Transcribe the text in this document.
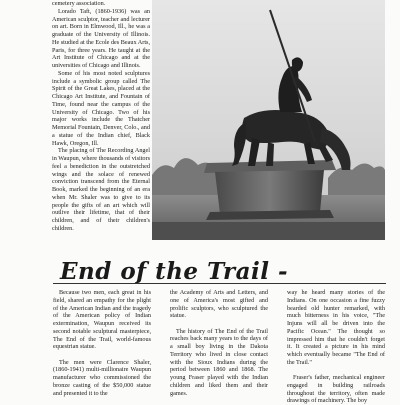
cemetery association.

Lorado Taft, (1860-1936) was an American sculptor, teacher and lecturer on art. Born in Elmwood, Ill., he was a graduate of the University of Illinois. He studied at the Ecole des Beaux Arts, Paris, for three years. He taught at the Art Institute of Chicago and at the universities of Chicago and Illinois.

Some of his most noted sculptures include a symbolic group called The Spirit of the Great Lakes, placed at the Chicago Art Institute, and Fountain of Time, found near the campus of the University of Chicago. Two of his major works include the Thatcher Memorial Fountain, Denver, Colo., and a statue of the Indian chief, Black Hawk, Oregon, Ill.

The placing of The Recording Angel in Waupun, where thousands of visitors feel a benediction in the outstretched wings and the solace of renewed conviction transcend from the Eternal Book, marked the beginning of an era when Mr. Shaler was to give to its people the gifts of an art which will outlive their lifetime, that of their children, and of their children's children.

End of the Trail -

Because two men, each great in his field, shared an empathy for the plight of the American Indian and the tragedy of the American policy of Indian extermination, Waupun received its second notable sculptural masterpiece, The End of the Trail, world-famous equestrian statue.

The men were Clarence Shaler, (1860-1941) multi-millionaire Waupun manufacturer who commissioned the bronze casting of the $50,000 statue and presented it to the

the Academy of Arts and Letters, and one of America's most gifted and prolific sculptors, who sculptured the statue.

The history of The End of the Trail reaches back many years to the days of a small boy living in the Dakota Territory who lived in close contact with the Sioux Indians during the period between 1860 and 1868. The young Fraser played with the Indian children and liked them and their games.

way he heard many stories of the Indians. On one occasion a fine fuzzy bearded old hunter remarked, with much bitterness in his voice, "The Injuns will all be driven into the Pacific Ocean." The thought so impressed him that he couldn't forget it. It created a picture in his mind which eventually became "The End of the Trail."

Fraser's father, mechanical engineer engaged in building railroads throughout the territory, often made drawings of machinery. The boy
